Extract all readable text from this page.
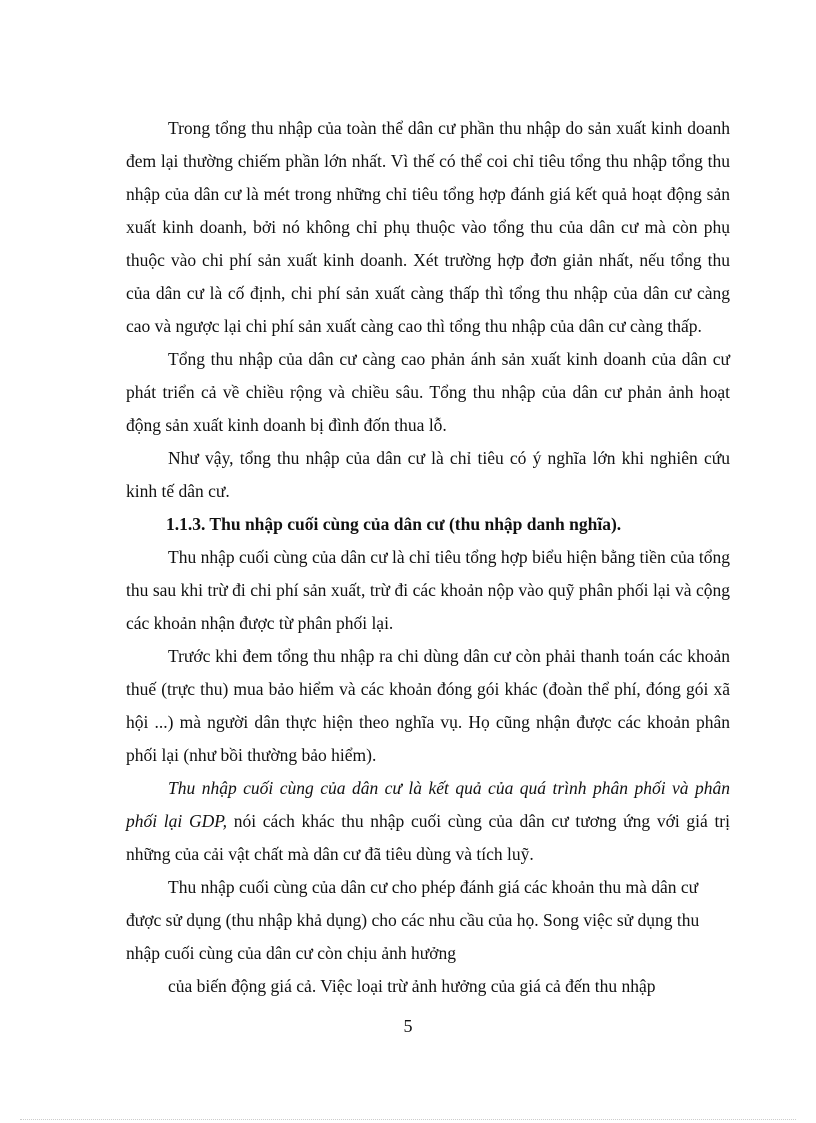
Trong tổng thu nhập của toàn thể dân cư phần thu nhập do sản xuất kinh doanh đem lại thường chiếm phần lớn nhất. Vì thế có thể coi chỉ tiêu tổng thu nhập tổng thu nhập của dân cư là mét trong những chỉ tiêu tổng hợp đánh giá kết quả hoạt động sản xuất kinh doanh, bởi nó không chỉ phụ thuộc vào tổng thu của dân cư mà còn phụ thuộc vào chi phí sản xuất kinh doanh. Xét trường hợp đơn giản nhất, nếu tổng thu của dân cư là cố định, chi phí sản xuất càng thấp thì tổng thu nhập của dân cư càng cao và ngược lại chi phí sản xuất càng cao thì tổng thu nhập của dân cư càng thấp.

Tổng thu nhập của dân cư càng cao phản ánh sản xuất kinh doanh của dân cư phát triển cả về chiều rộng và chiều sâu. Tổng thu nhập của dân cư phản ảnh hoạt động sản xuất kinh doanh bị đình đốn thua lỗ.

Như vậy, tổng thu nhập của dân cư là chỉ tiêu có ý nghĩa lớn khi nghiên cứu kinh tế dân cư.

1.1.3. Thu nhập cuối cùng của dân cư (thu nhập danh nghĩa).

Thu nhập cuối cùng của dân cư là chỉ tiêu tổng hợp biểu hiện bằng tiền của tổng thu sau khi trừ đi chi phí sản xuất, trừ đi các khoản nộp vào quỹ phân phối lại và cộng các khoản nhận được từ phân phối lại.

Trước khi đem tổng thu nhập ra chi dùng dân cư còn phải thanh toán các khoản thuế (trực thu) mua bảo hiểm và các khoản đóng gói khác (đoàn thể phí, đóng gói xã hội ...) mà người dân thực hiện theo nghĩa vụ. Họ cũng nhận được các khoản phân phối lại (như bồi thường bảo hiểm).

Thu nhập cuối cùng của dân cư là kết quả của quá trình phân phối và phân phối lại GDP, nói cách khác thu nhập cuối cùng của dân cư tương ứng với giá trị những của cải vật chất mà dân cư đã tiêu dùng và tích luỹ.

Thu nhập cuối cùng của dân cư cho phép đánh giá các khoản thu mà dân cư được sử dụng (thu nhập khả dụng) cho các nhu cầu của họ. Song việc sử dụng thu nhập cuối cùng của dân cư còn chịu ảnh hưởng

của biến động giá cả. Việc loại trừ ảnh hưởng của giá cả đến thu nhập

5
